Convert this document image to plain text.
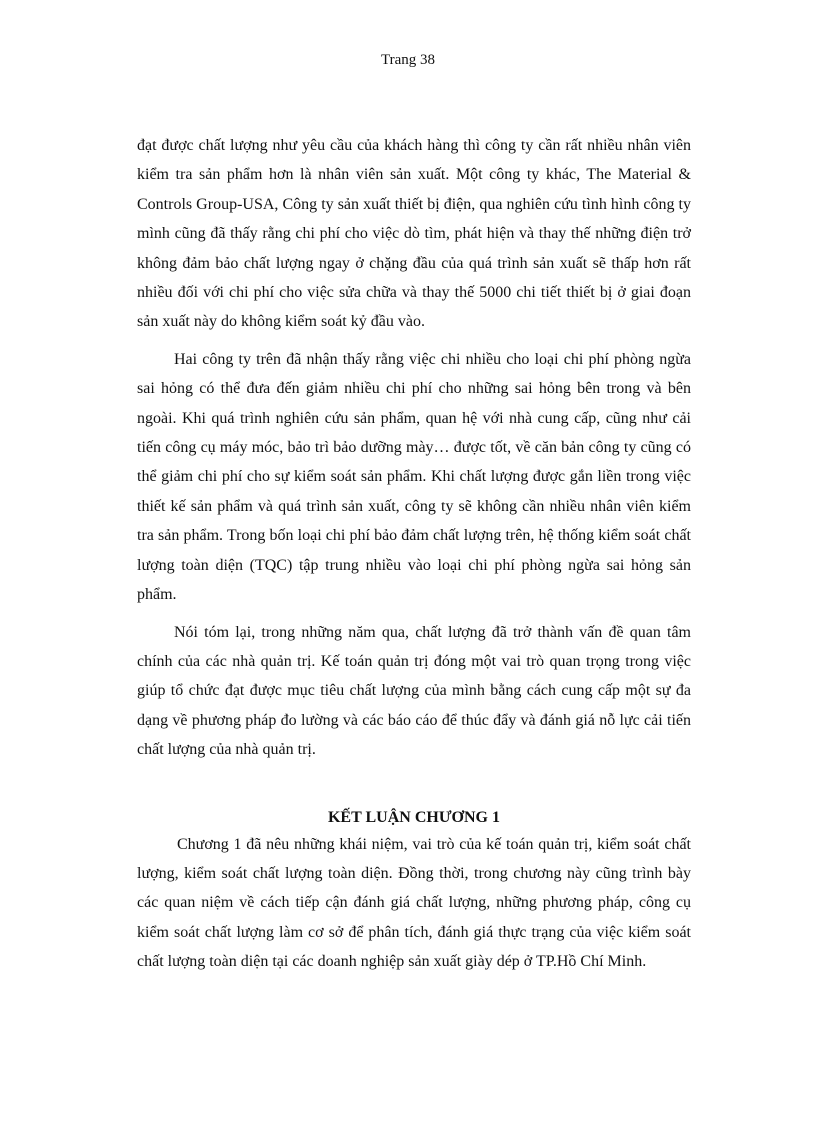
Trang 38

đạt được chất lượng như yêu cầu của khách hàng thì công ty cần rất nhiều nhân viên kiểm tra sản phẩm hơn là nhân viên sản xuất. Một công ty khác, The Material & Controls Group-USA, Công ty sản xuất thiết bị điện, qua nghiên cứu tình hình công ty mình cũng đã thấy rằng chi phí cho việc dò tìm, phát hiện và thay thế những điện trở không đảm bảo chất lượng ngay ở chặng đầu của quá trình sản xuất sẽ thấp hơn rất nhiều đối với chi phí cho việc sửa chữa và thay thế 5000 chi tiết thiết bị ở giai đoạn sản xuất này do không kiểm soát kỷ đầu vào.

Hai công ty trên đã nhận thấy rằng việc chi nhiều cho loại chi phí phòng ngừa sai hỏng có thể đưa đến giảm nhiều chi phí cho những sai hỏng bên trong và bên ngoài. Khi quá trình nghiên cứu sản phẩm, quan hệ với nhà cung cấp, cũng như cải tiến công cụ máy móc, bảo trì bảo dưỡng mày… được tốt, về căn bản công ty cũng có thể giảm chi phí cho sự kiểm soát sản phẩm. Khi chất lượng được gắn liền trong việc thiết kế sản phẩm và quá trình sản xuất, công ty sẽ không cần nhiều nhân viên kiểm tra sản phẩm. Trong bốn loại chi phí bảo đảm chất lượng trên, hệ thống kiểm soát chất lượng toàn diện (TQC) tập trung nhiều vào loại chi phí phòng ngừa sai hỏng sản phẩm.

Nói tóm lại, trong những năm qua, chất lượng đã trở thành vấn đề quan tâm chính của các nhà quản trị. Kế toán quản trị đóng một vai trò quan trọng trong việc giúp tổ chức đạt được mục tiêu chất lượng của mình bằng cách cung cấp một sự đa dạng về phương pháp đo lường và các báo cáo để thúc đẩy và đánh giá nỗ lực cải tiến chất lượng của nhà quản trị.

KẾT LUẬN CHƯƠNG 1

Chương 1 đã nêu những khái niệm, vai trò của kế toán quản trị, kiểm soát chất lượng, kiểm soát chất lượng toàn diện. Đồng thời, trong chương này cũng trình bày các quan niệm về cách tiếp cận đánh giá chất lượng, những phương pháp, công cụ kiểm soát chất lượng làm cơ sở để phân tích, đánh giá thực trạng của việc kiểm soát chất lượng toàn diện tại các doanh nghiệp sản xuất giày dép ở TP.Hồ Chí Minh.
